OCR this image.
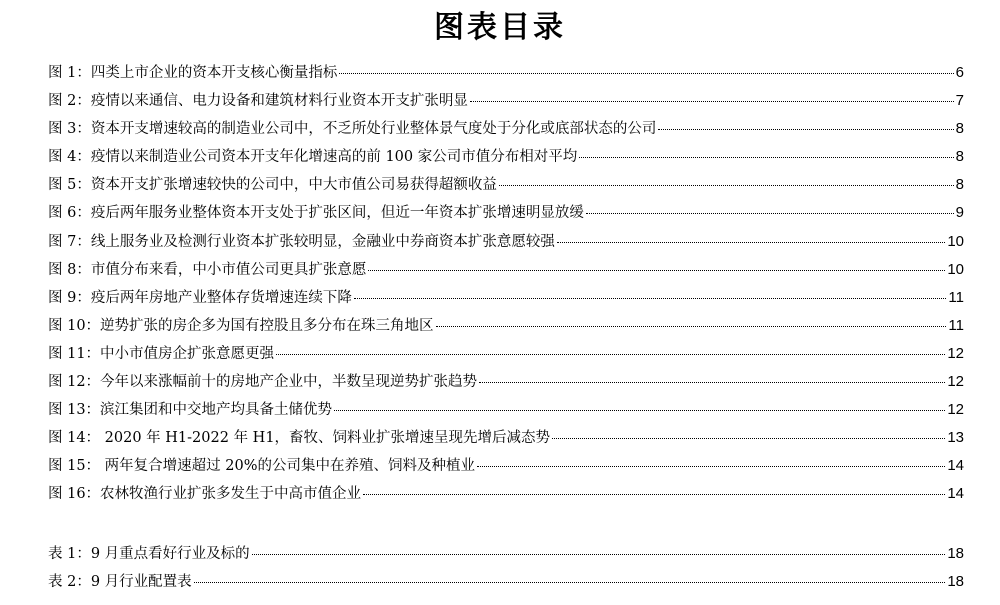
图表目录
图 1：四类上市企业的资本开支核心衡量指标	6
图 2：疫情以来通信、电力设备和建筑材料行业资本开支扩张明显	7
图 3：资本开支增速较高的制造业公司中，不乏所处行业整体景气度处于分化或底部状态的公司	8
图 4：疫情以来制造业公司资本开支年化增速高的前 100 家公司市值分布相对平均	8
图 5：资本开支扩张增速较快的公司中，中大市值公司易获得超额收益	8
图 6：疫后两年服务业整体资本开支处于扩张区间，但近一年资本扩张增速明显放缓	9
图 7：线上服务业及检测行业资本扩张较明显，金融业中券商资本扩张意愿较强	10
图 8：市值分布来看，中小市值公司更具扩张意愿	10
图 9：疫后两年房地产业整体存货增速连续下降	11
图 10：逆势扩张的房企多为国有控股且多分布在珠三角地区	11
图 11：中小市值房企扩张意愿更强	12
图 12：今年以来涨幅前十的房地产企业中，半数呈现逆势扩张趋势	12
图 13：滨江集团和中交地产均具备土储优势	12
图 14： 2020 年 H1-2022 年 H1，畜牧、饲料业扩张增速呈现先增后减态势	13
图 15： 两年复合增速超过 20%的公司集中在养殖、饲料及种植业	14
图 16：农林牧渔行业扩张多发生于中高市值企业	14
表 1：9 月重点看好行业及标的	18
表 2：9 月行业配置表	18
